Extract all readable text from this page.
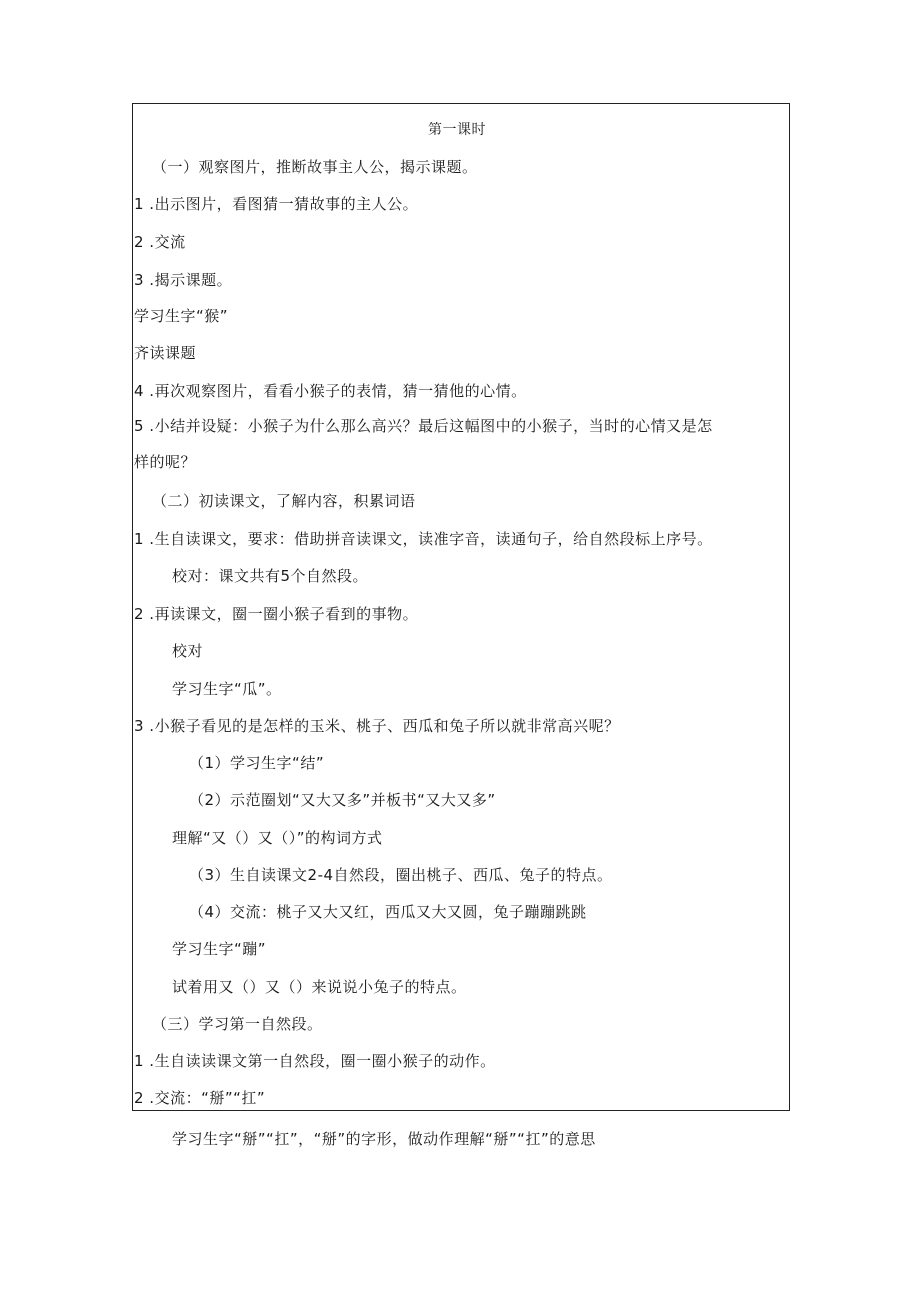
第一课时
（一）观察图片，推断故事主人公，揭示课题。
1 .出示图片，看图猜一猜故事的主人公。
2 .交流
3 .揭示课题。
学习生字“猴”
齐读课题
4 .再次观察图片，看看小猴子的表情，猜一猜他的心情。
5 .小结并设疑：小猴子为什么那么高兴？最后这幅图中的小猴子，当时的心情又是怎
样的呢？
（二）初读课文，了解内容，积累词语
1 .生自读课文，要求：借助拼音读课文，读准字音，读通句子，给自然段标上序号。
校对：课文共有5个自然段。
2 .再读课文，圈一圈小猴子看到的事物。
校对
学习生字“瓜”。
3 .小猴子看见的是怎样的玉米、桃子、西瓜和兔子所以就非常高兴呢？
（1）学习生字“结”
（2）示范圈划“又大又多”并板书“又大又多”
理解“又（）又（）”的构词方式
（3）生自读课文2-4自然段，圈出桃子、西瓜、兔子的特点。
（4）交流：桃子又大又红，西瓜又大又圆，兔子蹦蹦跳跳
学习生字“蹦”
试着用又（）又（）来说说小兔子的特点。
（三）学习第一自然段。
1 .生自读读课文第一自然段，圈一圈小猴子的动作。
2 .交流：“掰”“扛”
学习生字“掰”“扛”，“掰”的字形，做动作理解“掰”“扛”的意思
